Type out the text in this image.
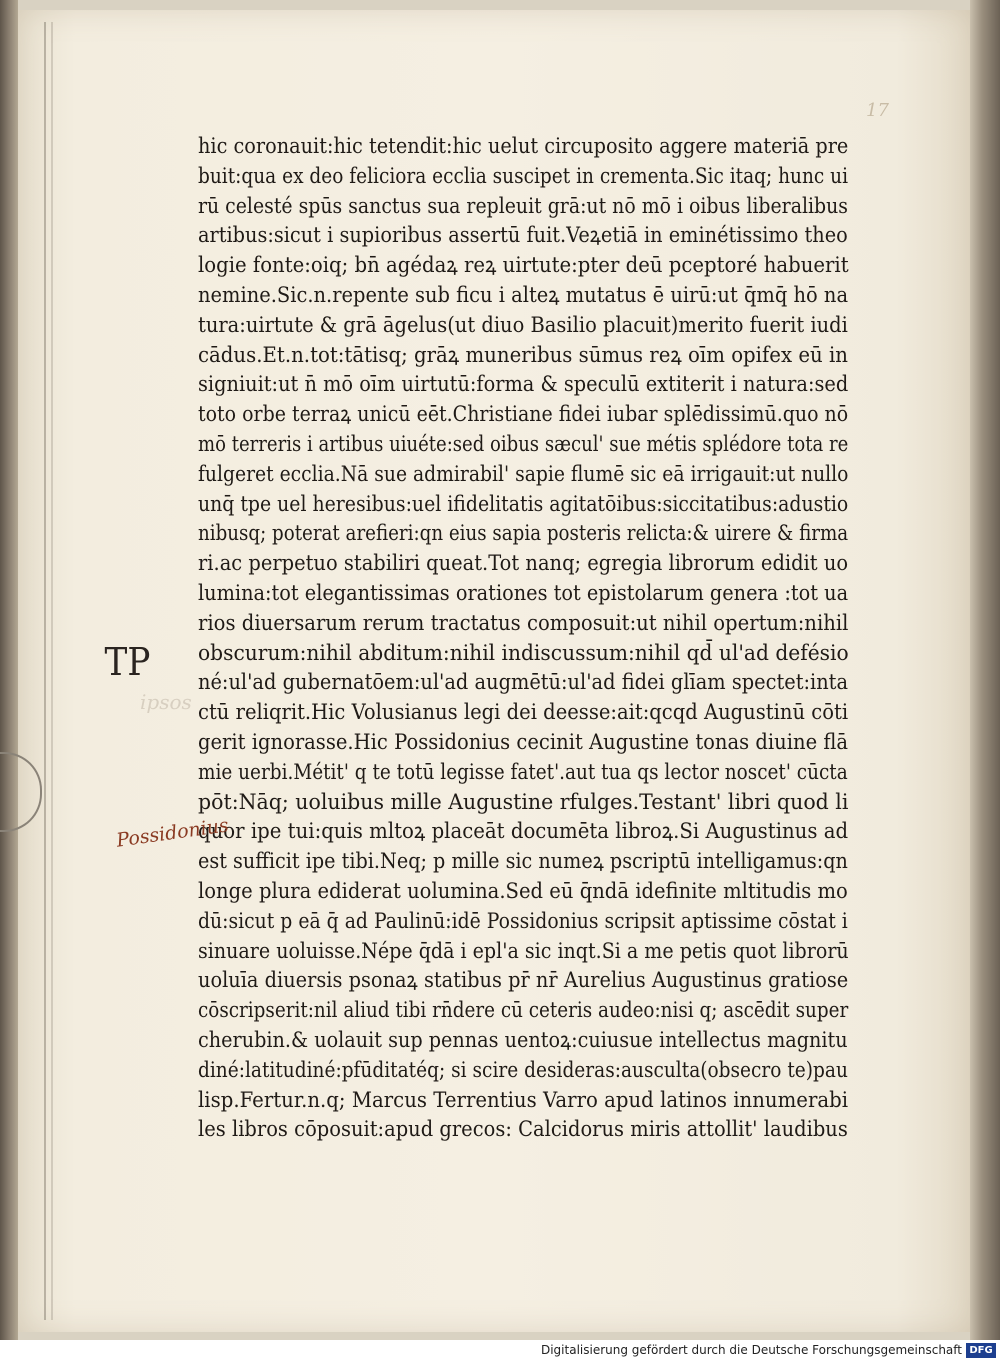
17
hic coronauit:hic tetendit:hic uelut circuposito aggere materiā pre
buit:qua ex deo feliciora ecclia suscipet in crementa.Sic itaq; hunc ui
rū celesté spūs sanctus sua repleuit grā:ut nō mō i oibus liberalibus
artibus:sicut i supioribus assertū fuit.Veꝝetiā in eminétissimo theo
logie fonte:oiq; bn̄ agédaꝝ reꝝ uirtute:pter deū pceptoré habuerit
nemine.Sic.n.repente sub ficu i alteꝝ mutatus ē uirū:ut q̄mq̄ hō na
tura:uirtute & grā āgelus(ut diuo Basilio placuit)merito fuerit iudi
cādus.Et.n.tot:tātisq; grāꝝ muneribus sūmus reꝝ oīm opifex eū in
signiuit:ut n̄ mō oīm uirtutū:forma & speculū extiterit i natura:sed
toto orbe terraꝝ unicū eēt.Christiane fidei iubar splēdissimū.quo nō
mō terreris i artibus uiuéte:sed oibus sæcul' sue métis splédore tota re
fulgeret ecclia.Nā sue admirabil' sapie flumē sic eā irrigauit:ut nullo
unq̄ tpe uel heresibus:uel ifidelitatis agitatōibus:siccitatibus:adustio
nibusq; poterat arefieri:qn eius sapia posteris relicta:& uirere & firma
ri.ac perpetuo stabiliri queat.Tot nanq; egregia librorum edidit uo
lumina:tot elegantissimas orationes tot epistolarum genera :tot ua
rios diuersarum rerum tractatus composuit:ut nihil opertum:nihil
obscurum:nihil abditum:nihil indiscussum:nihil qd̄ ul'ad defésio
né:ul'ad gubernatōem:ul'ad augmētū:ul'ad fidei glīam spectet:inta
ctū reliqrit.Hic Volusianus legi dei deesse:ait:qcqd Augustinū cōti
gerit ignorasse.Hic Possidonius cecinit Augustine tonas diuine flā
mie uerbi.Métit' q te totū legisse fatet'.aut tua qs lector noscet' cūcta
pōt:Nāq; uoluibus mille Augustine rfulges.Testant' libri quod li
quor ipe tui:quis mltoꝝ placeāt documēta libroꝝ.Si Augustinus ad
est sufficit ipe tibi.Neq; p mille sic numeꝝ pscriptū intelligamus:qn
longe plura ediderat uolumina.Sed eū q̄ndā idefinite mltitudis mo
dū:sicut p eā q̄ ad Paulinū:idē Possidonius scripsit aptissime cōstat i
sinuare uoluisse.Népe q̄dā i epl'a sic inqt.Si a me petis quot librorū
uoluīa diuersis psonaꝝ statibus pr̄ nr̄ Aurelius Augustinus gratiose
cōscripserit:nil aliud tibi rn̄dere cū ceteris audeo:nisi q; ascēdit super
cherubin.& uolauit sup pennas uentoꝝ:cuiusue intellectus magnitu
diné:latitudiné:pfūditatéq; si scire desideras:ausculta(obsecro te)pau
lisp.Fertur.n.q; Marcus Terrentius Varro apud latinos innumerabi
les libros cōposuit:apud grecos: Calcidorus miris attollit' laudibus
TP
ipsos
Possidonius
Digitalisierung gefördert durch die Deutsche Forschungsgemeinschaft DFG
